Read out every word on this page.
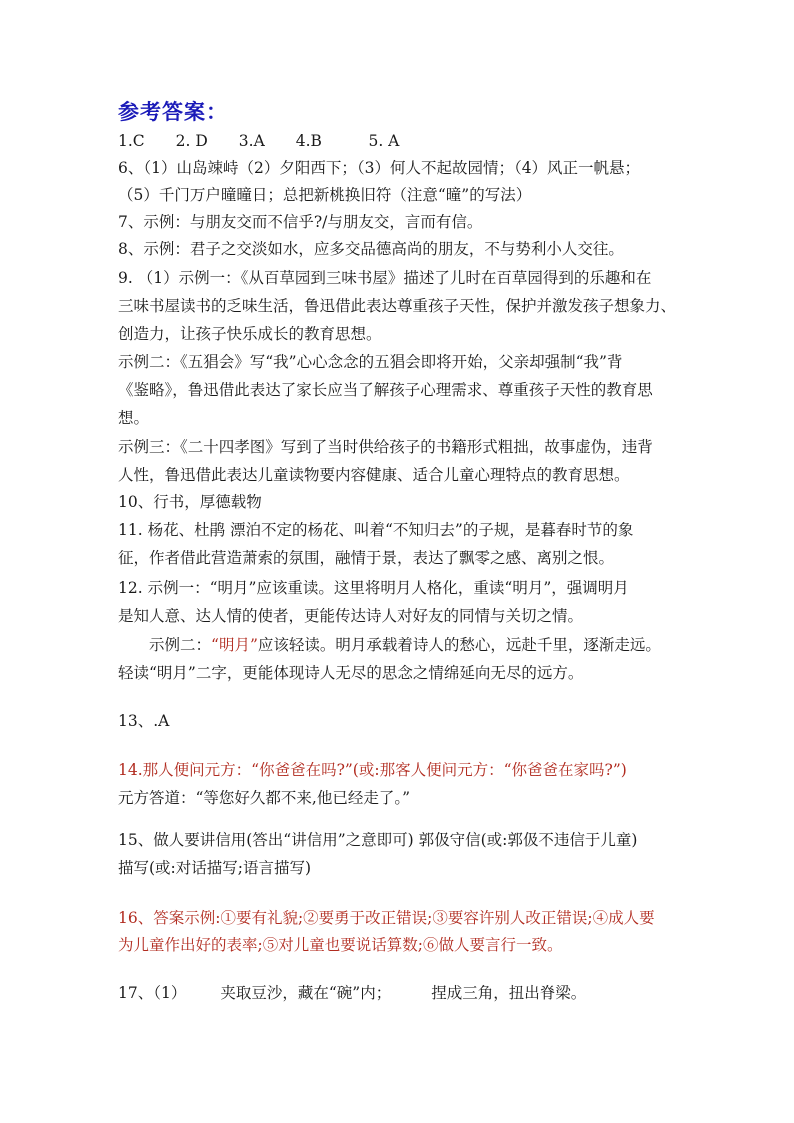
参考答案：
1.C　　2. D　　3.A　　4.B　　　5. A
6、（1）山岛竦峙（2）夕阳西下；（3）何人不起故园情；（4）风正一帆悬；
（5）千门万户曈曈日；总把新桃换旧符（注意“曈”的写法）
7、示例：与朋友交而不信乎?/与朋友交，言而有信。
8、示例：君子之交淡如水，应多交品德高尚的朋友，不与势利小人交往。
9. （1）示例一：《从百草园到三味书屋》描述了儿时在百草园得到的乐趣和在
三味书屋读书的乏味生活，鲁迅借此表达尊重孩子天性，保护并激发孩子想象力、
创造力，让孩子快乐成长的教育思想。
示例二：《五猖会》写“我”心心念念的五猖会即将开始，父亲却强制“我”背
《鉴略》，鲁迅借此表达了家长应当了解孩子心理需求、尊重孩子天性的教育思
想。
示例三：《二十四孝图》写到了当时供给孩子的书籍形式粗拙，故事虚伪，违背
人性，鲁迅借此表达儿童读物要内容健康、适合儿童心理特点的教育思想。
10、行书，厚德载物
11. 杨花、杜鹃 漂泊不定的杨花、叫着“不知归去”的子规，是暮春时节的象
征，作者借此营造萧索的氛围，融情于景，表达了飘零之感、离别之恨。
12. 示例一：“明月”应该重读。这里将明月人格化，重读“明月”，强调明月
是知人意、达人情的使者，更能传达诗人对好友的同情与关切之情。
　　示例二：“明月”应该轻读。明月承载着诗人的愁心，远赴千里，逐渐走远。
轻读“明月”二字，更能体现诗人无尽的思念之情绵延向无尽的远方。
13、.A
14.那人便问元方：“你爸爸在吗?”(或:那客人便问元方：“你爸爸在家吗?”)
元方答道：“等您好久都不来,他已经走了。”
15、做人要讲信用(答出“讲信用”之意即可) 郭伋守信(或:郭伋不违信于儿童)
描写(或:对话描写;语言描写)
16、答案示例:①要有礼貌;②要勇于改正错误;③要容许别人改正错误;④成人要
为儿童作出好的表率;⑤对儿童也要说话算数;⑥做人要言行一致。
17、（1） 夹取豆沙，藏在“碗”内；	捏成三角，扭出脊梁。
